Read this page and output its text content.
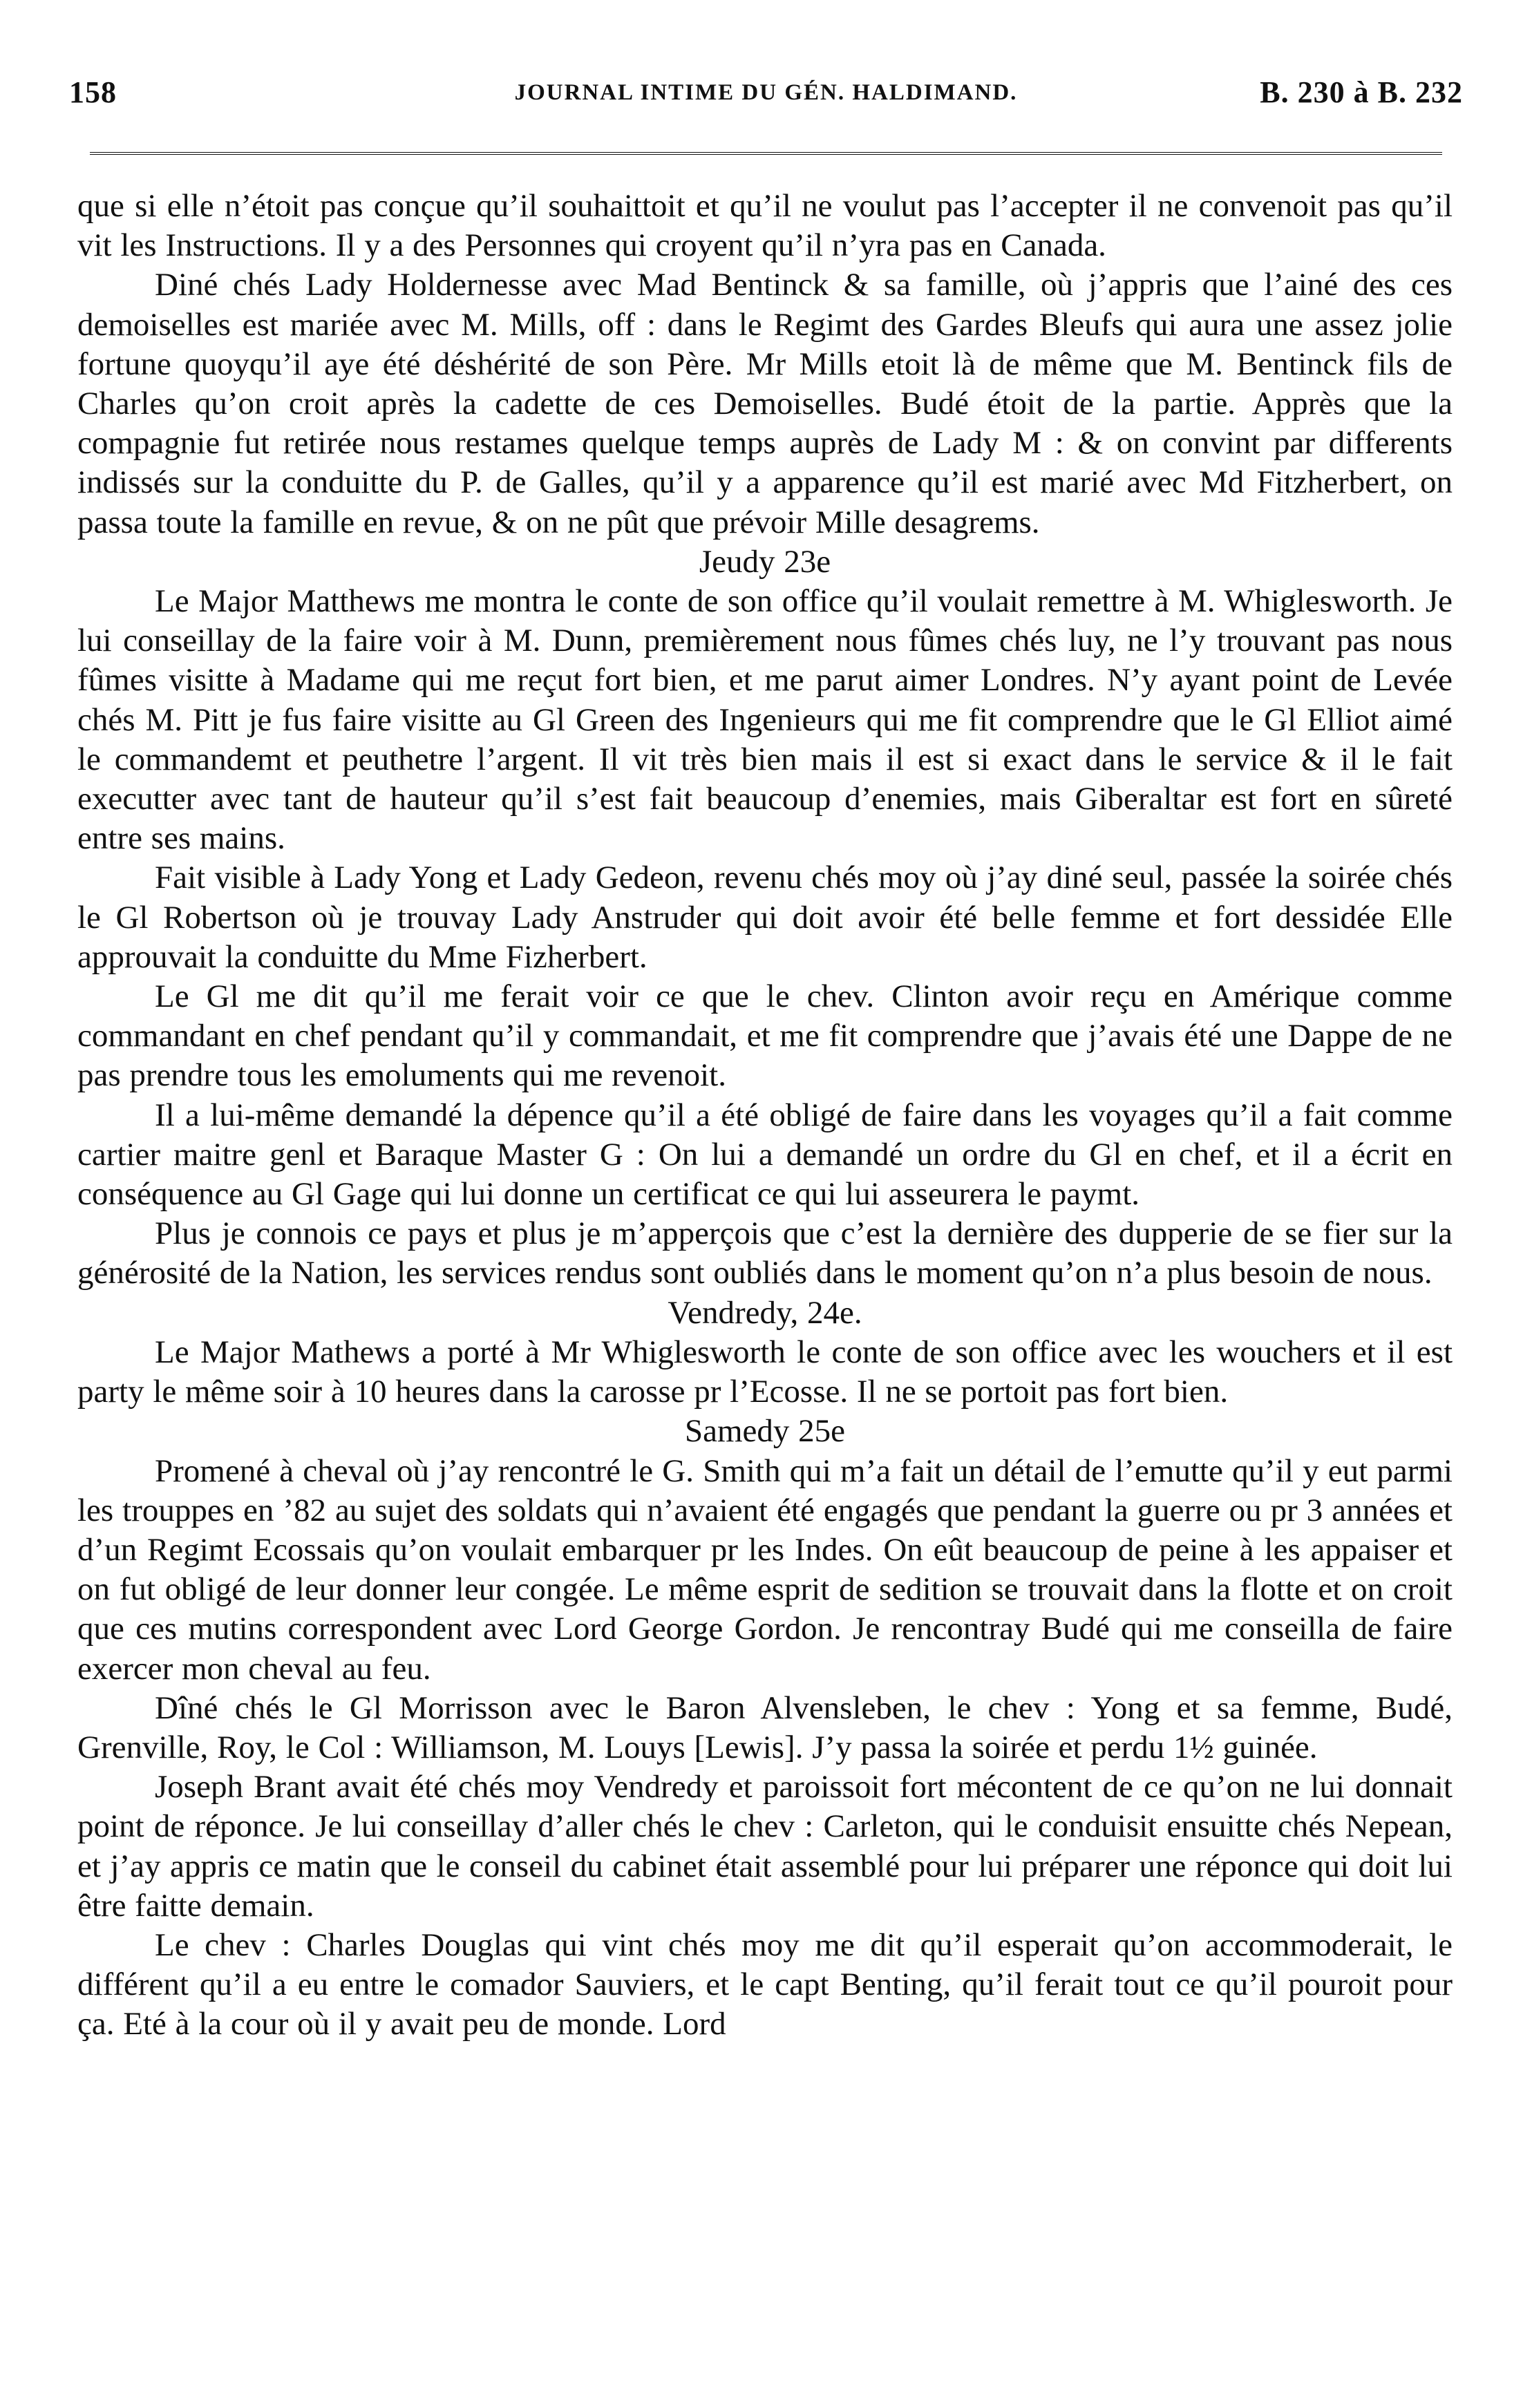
158	JOURNAL INTIME DU GÉN. HALDIMAND.	B. 230 à B. 232

que si elle n’étoit pas conçue qu’il souhaittoit et qu’il ne voulut pas l’accepter il ne convenoit pas qu’il vit les Instructions. Il y a des Personnes qui croyent qu’il n’yra pas en Canada.

Diné chés Lady Holdernesse avec Mad Bentinck & sa famille, où j’appris que l’ainé des ces demoiselles est mariée avec M. Mills, off : dans le Regimt des Gardes Bleufs qui aura une assez jolie fortune quoyqu’il aye été déshérité de son Père. Mr Mills etoit là de même que M. Bentinck fils de Charles qu’on croit après la cadette de ces Demoiselles. Budé étoit de la partie. Apprès que la compagnie fut retirée nous restames quelque temps auprès de Lady M : & on convint par differents indissés sur la conduitte du P. de Galles, qu’il y a apparence qu’il est marié avec Md Fitzherbert, on passa toute la famille en revue, & on ne pût que prévoir Mille desagrems.

Jeudy 23e

Le Major Matthews me montra le conte de son office qu’il voulait remettre à M. Whiglesworth. Je lui conseillay de la faire voir à M. Dunn, premièrement nous fûmes chés luy, ne l’y trouvant pas nous fûmes visitte à Madame qui me reçut fort bien, et me parut aimer Londres. N’y ayant point de Levée chés M. Pitt je fus faire visitte au Gl Green des Ingenieurs qui me fit comprendre que le Gl Elliot aimé le commandemt et peuthetre l’argent. Il vit très bien mais il est si exact dans le service & il le fait executter avec tant de hauteur qu’il s’est fait beaucoup d’enemies, mais Giberaltar est fort en sûreté entre ses mains.

Fait visible à Lady Yong et Lady Gedeon, revenu chés moy où j’ay diné seul, passée la soirée chés le Gl Robertson où je trouvay Lady Anstruder qui doit avoir été belle femme et fort dessidée Elle approuvait la conduitte du Mme Fizherbert.

Le Gl me dit qu’il me ferait voir ce que le chev. Clinton avoir reçu en Amérique comme commandant en chef pendant qu’il y commandait, et me fit comprendre que j’avais été une Dappe de ne pas prendre tous les emoluments qui me revenoit.

Il a lui-même demandé la dépence qu’il a été obligé de faire dans les voyages qu’il a fait comme cartier maitre genl et Baraque Master G : On lui a demandé un ordre du Gl en chef, et il a écrit en conséquence au Gl Gage qui lui donne un certificat ce qui lui asseurera le paymt.

Plus je connois ce pays et plus je m’apperçois que c’est la dernière des dupperie de se fier sur la générosité de la Nation, les services rendus sont oubliés dans le moment qu’on n’a plus besoin de nous.

Vendredy, 24e.

Le Major Mathews a porté à Mr Whiglesworth le conte de son office avec les wouchers et il est party le même soir à 10 heures dans la carosse pr l’Ecosse. Il ne se portoit pas fort bien.

Samedy 25e

Promené à cheval où j’ay rencontré le G. Smith qui m’a fait un détail de l’emutte qu’il y eut parmi les trouppes en ’82 au sujet des soldats qui n’avaient été engagés que pendant la guerre ou pr 3 années et d’un Regimt Ecossais qu’on voulait embarquer pr les Indes. On eût beaucoup de peine à les appaiser et on fut obligé de leur donner leur congée. Le même esprit de sedition se trouvait dans la flotte et on croit que ces mutins correspondent avec Lord George Gordon. Je rencontray Budé qui me conseilla de faire exercer mon cheval au feu.

Dîné chés le Gl Morrisson avec le Baron Alvensleben, le chev : Yong et sa femme, Budé, Grenville, Roy, le Col : Williamson, M. Louys [Lewis]. J’y passa la soirée et perdu 1½ guinée.

Joseph Brant avait été chés moy Vendredy et paroissoit fort mécontent de ce qu’on ne lui donnait point de réponce. Je lui conseillay d’aller chés le chev : Carleton, qui le conduisit ensuitte chés Nepean, et j’ay appris ce matin que le conseil du cabinet était assemblé pour lui préparer une réponce qui doit lui être faitte demain.

Le chev : Charles Douglas qui vint chés moy me dit qu’il esperait qu’on accommoderait, le différent qu’il a eu entre le comador Sauviers, et le capt Benting, qu’il ferait tout ce qu’il pouroit pour ça. Eté à la cour où il y avait peu de monde. Lord
